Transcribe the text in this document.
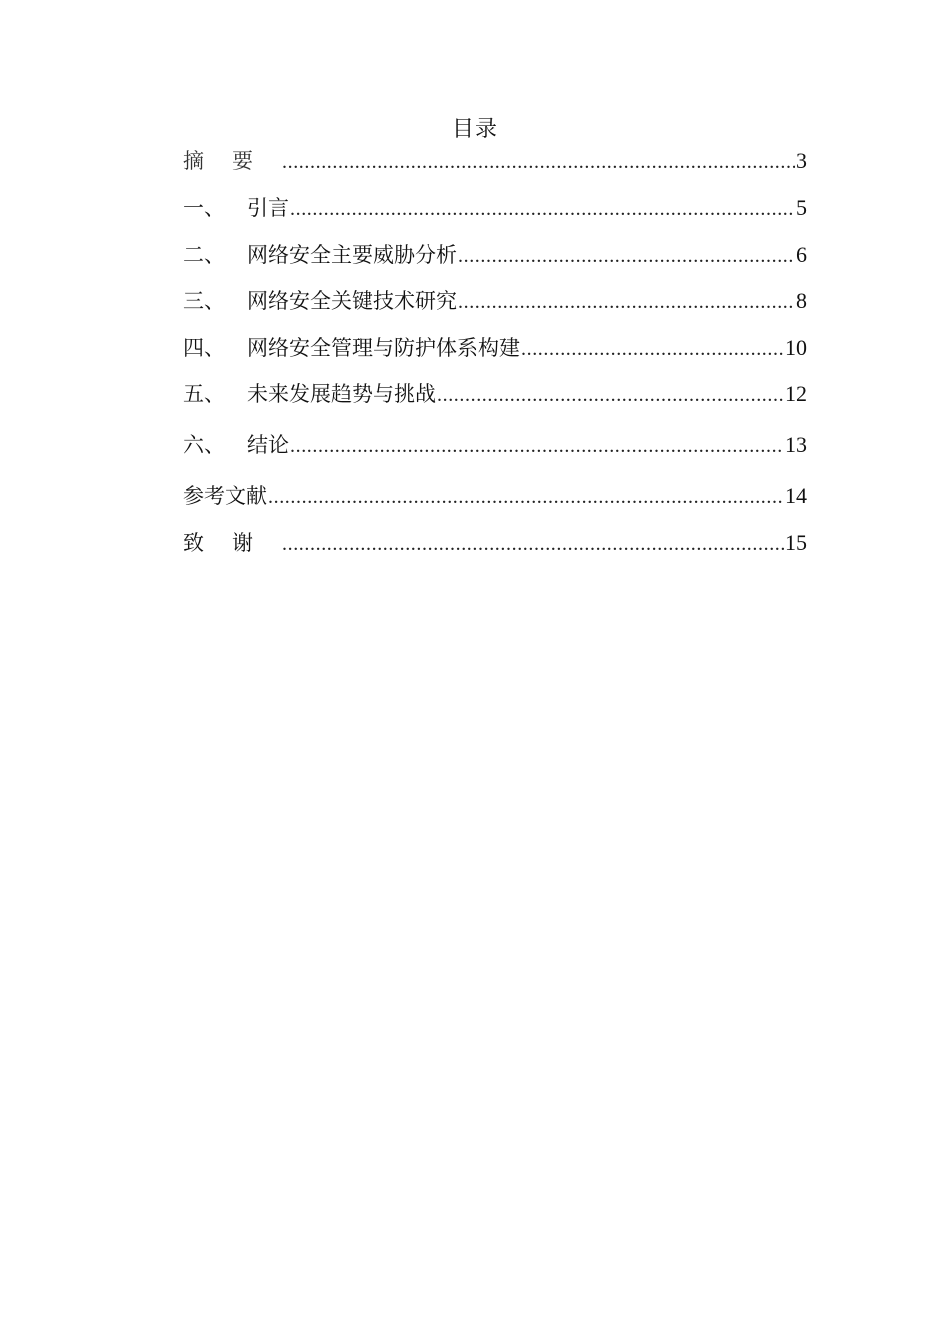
目录
摘要 .....	3
一、	引言 .....	5
二、	网络安全主要威胁分析 .....	6
三、	网络安全关键技术研究 .....	8
四、	网络安全管理与防护体系构建 .....	10
五、	未来发展趋势与挑战 .....	12
六、	结论 .....	13
参考文献 .....	14
致谢 .....	15
